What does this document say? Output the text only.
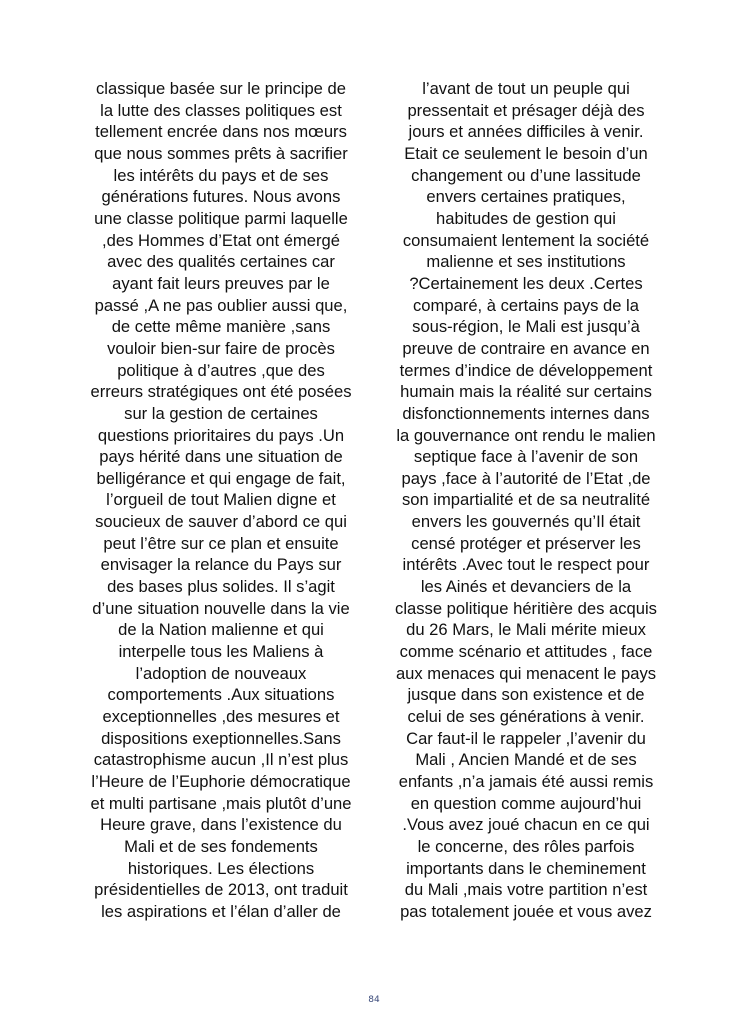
classique basée sur le principe de
la lutte des classes politiques est
tellement encrée dans nos mœurs
que nous sommes prêts à sacrifier
les intérêts du pays et de ses
générations futures. Nous avons
une classe politique parmi laquelle
,des Hommes d’Etat ont émergé
avec des qualités certaines car
ayant fait leurs preuves par le
passé ,A ne pas oublier aussi que,
de cette même manière ,sans
vouloir bien-sur faire de procès
politique à d’autres ,que des
erreurs stratégiques ont été posées
sur la gestion de certaines
questions prioritaires du pays .Un
pays hérité dans une situation de
belligérance et qui engage de fait,
l’orgueil de tout Malien digne et
soucieux de sauver d’abord ce qui
peut l’être sur ce plan et ensuite
envisager la relance du Pays sur
des bases plus solides. Il s’agit
d’une situation nouvelle dans la vie
de la Nation malienne et qui
interpelle tous les Maliens à
l’adoption de nouveaux
comportements .Aux situations
exceptionnelles ,des mesures et
dispositions exeptionnelles.Sans
catastrophisme aucun ,Il n’est plus
l’Heure de l’Euphorie démocratique
et multi partisane ,mais plutôt d’une
Heure grave, dans l’existence du
Mali et de ses fondements
historiques. Les élections
présidentielles de 2013, ont traduit
les aspirations et l’élan d’aller de
l’avant de tout un peuple qui
pressentait et présager déjà des
jours et années difficiles à venir.
Etait ce seulement le besoin d’un
changement ou d’une lassitude
envers certaines pratiques,
habitudes de gestion qui
consumaient lentement la société
malienne et ses institutions
?Certainement les deux .Certes
comparé, à certains pays de la
sous-région, le Mali est jusqu’à
preuve de contraire en avance en
termes d’indice de développement
humain mais la réalité sur certains
disfonctionnements internes dans
la gouvernance ont rendu le malien
septique face à l’avenir de son
pays ,face à l’autorité de l’Etat ,de
son impartialité et de sa neutralité
envers les gouvernés qu’Il était
censé protéger et préserver les
intérêts .Avec tout le respect pour
les Ainés et devanciers de la
classe politique héritière des acquis
du 26 Mars, le Mali mérite mieux
comme scénario et attitudes , face
aux menaces qui menacent le pays
jusque dans son existence et de
celui de ses générations à venir.
Car faut-il le rappeler ,l’avenir du
Mali , Ancien Mandé et de ses
enfants ,n’a jamais été aussi remis
en question comme aujourd’hui
.Vous avez joué chacun en ce qui
le concerne, des rôles parfois
importants dans le cheminement
du Mali ,mais votre partition n’est
pas totalement jouée et vous avez
84
